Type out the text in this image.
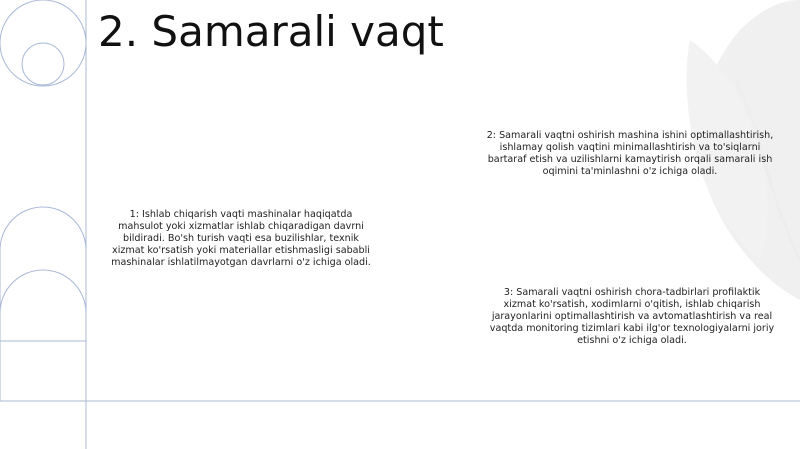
2. Samarali vaqt
1: Ishlab chiqarish vaqti mashinalar haqiqatda mahsulot yoki xizmatlar ishlab chiqaradigan davrni bildiradi. Bo'sh turish vaqti esa buzilishlar, texnik xizmat ko'rsatish yoki materiallar etishmasligi sababli mashinalar ishlatilmayotgan davrlarni o'z ichiga oladi.
2: Samarali vaqtni oshirish mashina ishini optimallashtirish, ishlamay qolish vaqtini minimallashtirish va to'siqlarni bartaraf etish va uzilishlarni kamaytirish orqali samarali ish oqimini ta'minlashni o'z ichiga oladi.
3: Samarali vaqtni oshirish chora-tadbirlari profilaktik xizmat ko'rsatish, xodimlarni o'qitish, ishlab chiqarish jarayonlarini optimallashtirish va avtomatlashtirish va real vaqtda monitoring tizimlari kabi ilg'or texnologiyalarni joriy etishni o'z ichiga oladi.
